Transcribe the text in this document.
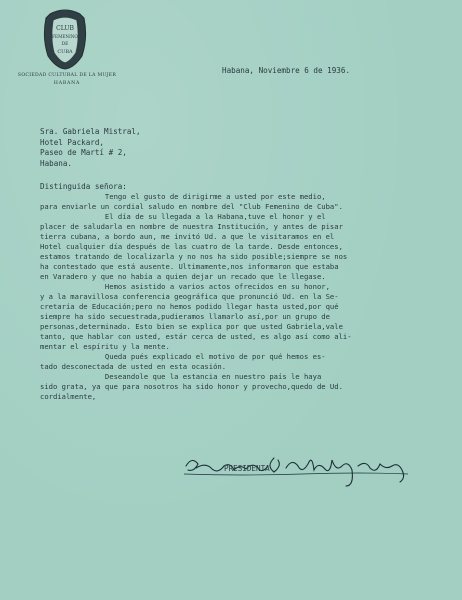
CLUB
FEMENINO
DE
CUBA
SOCIEDAD CULTURAL DE LA MUJER
HABANA
Habana, Noviembre 6 de 1936.
Sra. Gabriela Mistral,
Hotel Packard,
Paseo de Martí # 2,
Habana.
Distinguida señora:
Tengo el gusto de dirigirme a usted por este medio,
para enviarle un cordial saludo en nombre del "Club Femenino de Cuba".
El día de su llegada a la Habana,tuve el honor y el
placer de saludarla en nombre de nuestra Institución, y antes de pisar
tierra cubana, a bordo aun, me invitó Ud. a que le visitaramos en el
Hotel cualquier día después de las cuatro de la tarde. Desde entonces,
estamos tratando de localizarla y no nos ha sido posible;siempre se nos
ha contestado que está ausente. Ultimamente,nos informaron que estaba
en Varadero y que no había a quien dejar un recado que le llegase.
Hemos asistido a varios actos ofrecidos en su honor,
y a la maravillosa conferencia geográfica que pronunció Ud. en la Se-
cretaría de Educación;pero no hemos podido llegar hasta usted,por qué
siempre ha sido secuestrada,pudieramos llamarlo así,por un grupo de
personas,determinado. Esto bien se explica por que usted Gabriela,vale
tanto, que hablar con usted, estár cerca de usted, es algo así como ali-
mentar el espíritu y la mente.
Queda pués explicado el motivo de por qué hemos es-
tado desconectada de usted en esta ocasión.
Deseandole que la estancia en nuestro país le haya
sido grata, ya que para nosotros ha sido honor y provecho,quedo de Ud.
cordialmente,
PRESIDENTA
